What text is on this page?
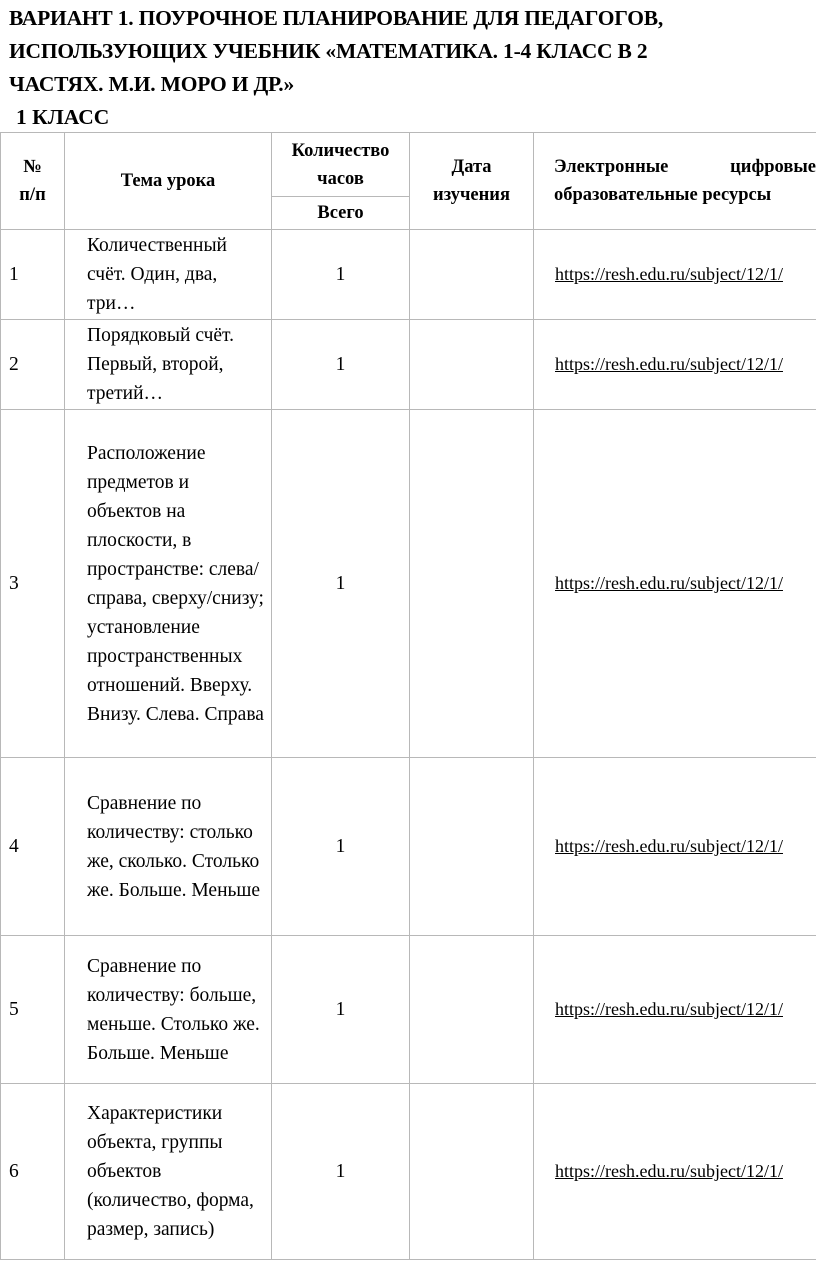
ВАРИАНТ 1. ПОУРОЧНОЕ ПЛАНИРОВАНИЕ ДЛЯ ПЕДАГОГОВ,
ИСПОЛЬЗУЮЩИХ УЧЕБНИК «МАТЕМАТИКА. 1-4 КЛАСС В 2
ЧАСТЯХ. М.И. МОРО И ДР.»
1 КЛАСС
№ п/п	Тема урока	Количество часов	Дата изучения	Электронные цифровые образовательные ресурсы
		Всего		
1	Количественный счёт. Один, два, три…	1		https://resh.edu.ru/subject/12/1/
2	Порядковый счёт. Первый, второй, третий…	1		https://resh.edu.ru/subject/12/1/
3	Расположение предметов и объектов на плоскости, в пространстве: слева/справа, сверху/снизу; установление пространственных отношений. Вверху. Внизу. Слева. Справа	1		https://resh.edu.ru/subject/12/1/
4	Сравнение по количеству: столько же, сколько. Столько же. Больше. Меньше	1		https://resh.edu.ru/subject/12/1/
5	Сравнение по количеству: больше, меньше. Столько же. Больше. Меньше	1		https://resh.edu.ru/subject/12/1/
6	Характеристики объекта, группы объектов (количество, форма, размер, запись)	1		https://resh.edu.ru/subject/12/1/
